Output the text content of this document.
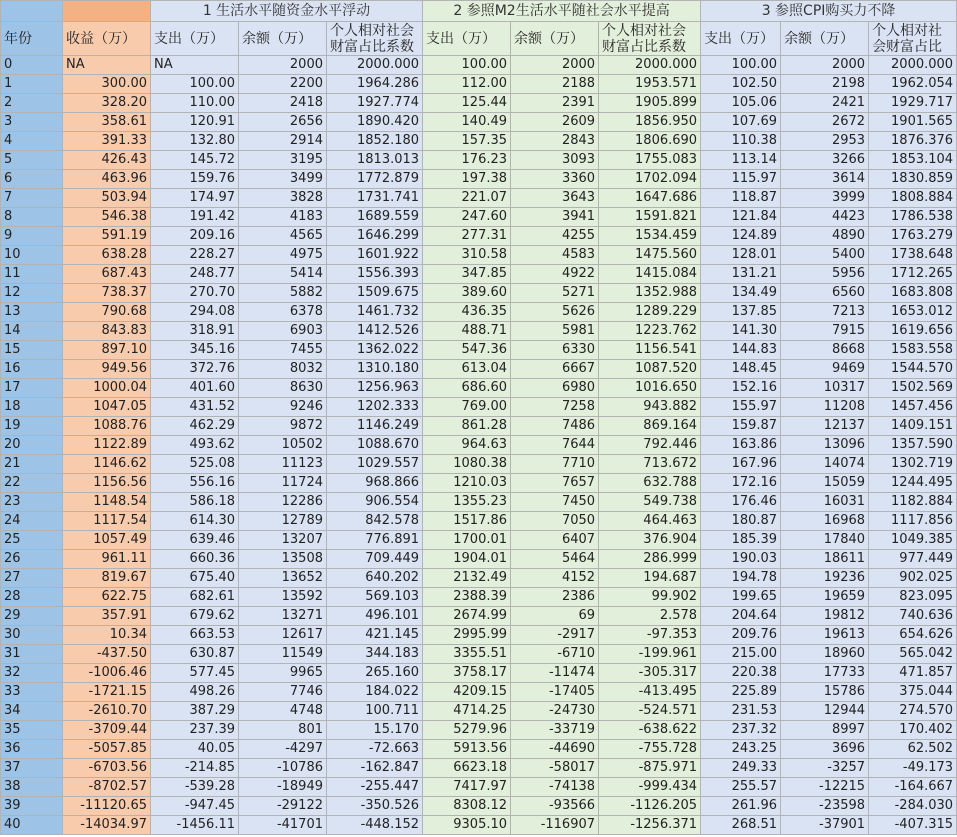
		1 生活水平随资金水平浮动			2 参照M2生活水平随社会水平提高			3 参照CPI购买力不降		
年份	收益（万）	支出（万）	余额（万）	个人相对社会财富占比系数	支出（万）	余额（万）	个人相对社会财富占比系数	支出（万）	余额（万）	个人相对社会财富占比
0	NA	NA	2000	2000.000	100.00	2000	2000.000	100.00	2000	2000.000
1	300.00	100.00	2200	1964.286	112.00	2188	1953.571	102.50	2198	1962.054
2	328.20	110.00	2418	1927.774	125.44	2391	1905.899	105.06	2421	1929.717
3	358.61	120.91	2656	1890.420	140.49	2609	1856.950	107.69	2672	1901.565
4	391.33	132.80	2914	1852.180	157.35	2843	1806.690	110.38	2953	1876.376
5	426.43	145.72	3195	1813.013	176.23	3093	1755.083	113.14	3266	1853.104
6	463.96	159.76	3499	1772.879	197.38	3360	1702.094	115.97	3614	1830.859
7	503.94	174.97	3828	1731.741	221.07	3643	1647.686	118.87	3999	1808.884
8	546.38	191.42	4183	1689.559	247.60	3941	1591.821	121.84	4423	1786.538
9	591.19	209.16	4565	1646.299	277.31	4255	1534.459	124.89	4890	1763.279
10	638.28	228.27	4975	1601.922	310.58	4583	1475.560	128.01	5400	1738.648
11	687.43	248.77	5414	1556.393	347.85	4922	1415.084	131.21	5956	1712.265
12	738.37	270.70	5882	1509.675	389.60	5271	1352.988	134.49	6560	1683.808
13	790.68	294.08	6378	1461.732	436.35	5626	1289.229	137.85	7213	1653.012
14	843.83	318.91	6903	1412.526	488.71	5981	1223.762	141.30	7915	1619.656
15	897.10	345.16	7455	1362.022	547.36	6330	1156.541	144.83	8668	1583.558
16	949.56	372.76	8032	1310.180	613.04	6667	1087.520	148.45	9469	1544.570
17	1000.04	401.60	8630	1256.963	686.60	6980	1016.650	152.16	10317	1502.569
18	1047.05	431.52	9246	1202.333	769.00	7258	943.882	155.97	11208	1457.456
19	1088.76	462.29	9872	1146.249	861.28	7486	869.164	159.87	12137	1409.151
20	1122.89	493.62	10502	1088.670	964.63	7644	792.446	163.86	13096	1357.590
21	1146.62	525.08	11123	1029.557	1080.38	7710	713.672	167.96	14074	1302.719
22	1156.56	556.16	11724	968.866	1210.03	7657	632.788	172.16	15059	1244.495
23	1148.54	586.18	12286	906.554	1355.23	7450	549.738	176.46	16031	1182.884
24	1117.54	614.30	12789	842.578	1517.86	7050	464.463	180.87	16968	1117.856
25	1057.49	639.46	13207	776.891	1700.01	6407	376.904	185.39	17840	1049.385
26	961.11	660.36	13508	709.449	1904.01	5464	286.999	190.03	18611	977.449
27	819.67	675.40	13652	640.202	2132.49	4152	194.687	194.78	19236	902.025
28	622.75	682.61	13592	569.103	2388.39	2386	99.902	199.65	19659	823.095
29	357.91	679.62	13271	496.101	2674.99	69	2.578	204.64	19812	740.636
30	10.34	663.53	12617	421.145	2995.99	-2917	-97.353	209.76	19613	654.626
31	-437.50	630.87	11549	344.183	3355.51	-6710	-199.961	215.00	18960	565.042
32	-1006.46	577.45	9965	265.160	3758.17	-11474	-305.317	220.38	17733	471.857
33	-1721.15	498.26	7746	184.022	4209.15	-17405	-413.495	225.89	15786	375.044
34	-2610.70	387.29	4748	100.711	4714.25	-24730	-524.571	231.53	12944	274.570
35	-3709.44	237.39	801	15.170	5279.96	-33719	-638.622	237.32	8997	170.402
36	-5057.85	40.05	-4297	-72.663	5913.56	-44690	-755.728	243.25	3696	62.502
37	-6703.56	-214.85	-10786	-162.847	6623.18	-58017	-875.971	249.33	-3257	-49.173
38	-8702.57	-539.28	-18949	-255.447	7417.97	-74138	-999.434	255.57	-12215	-164.667
39	-11120.65	-947.45	-29122	-350.526	8308.12	-93566	-1126.205	261.96	-23598	-284.030
40	-14034.97	-1456.11	-41701	-448.152	9305.10	-116907	-1256.371	268.51	-37901	-407.315
